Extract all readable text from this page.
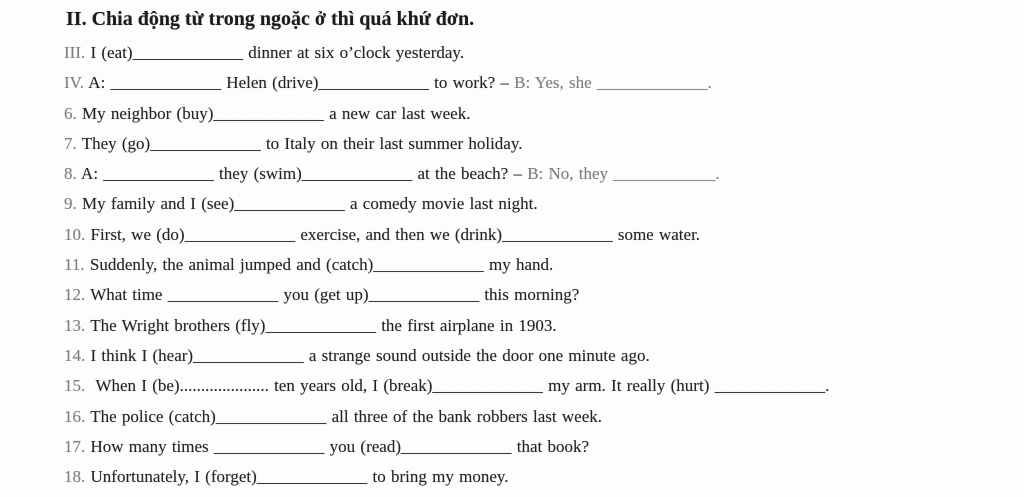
II. Chia động từ trong ngoặc ở thì quá khứ đơn.
III. I (eat)_____________ dinner at six o’clock yesterday.
IV. A: _____________ Helen (drive)_____________ to work? – B: Yes, she _____________.
6. My neighbor (buy)_____________ a new car last week.
7. They (go)_____________ to Italy on their last summer holiday.
8. A: _____________ they (swim)_____________ at the beach? – B: No, they ____________.
9. My family and I (see)_____________ a comedy movie last night.
10. First, we (do)_____________ exercise, and then we (drink)_____________ some water.
11. Suddenly, the animal jumped and (catch)_____________ my hand.
12. What time _____________ you (get up)_____________ this morning?
13. The Wright brothers (fly)_____________ the first airplane in 1903.
14. I think I (hear)_____________ a strange sound outside the door one minute ago.
15.  When I (be)..................... ten years old, I (break)_____________ my arm. It really (hurt) _____________.
16. The police (catch)_____________ all three of the bank robbers last week.
17. How many times _____________ you (read)_____________ that book?
18. Unfortunately, I (forget)_____________ to bring my money.
